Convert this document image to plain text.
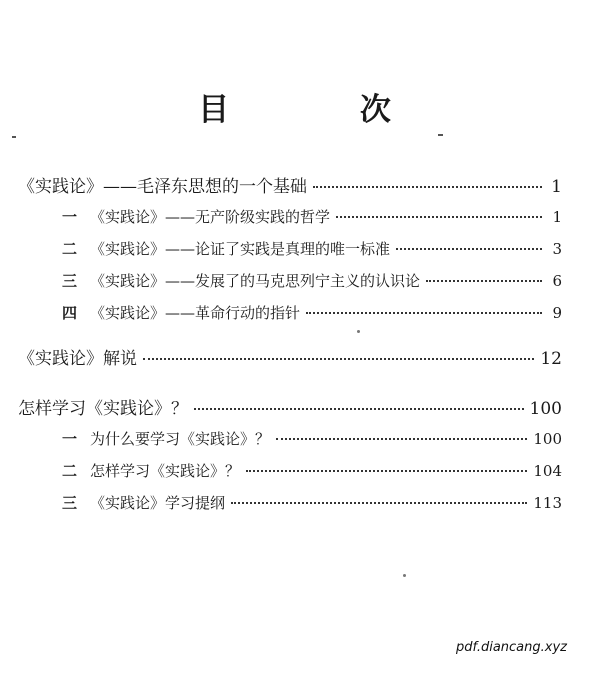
目 次
《实践论》——毛泽东思想的一个基础	1
一 《实践论》——无产阶级实践的哲学	1
二 《实践论》——论证了实践是真理的唯一标准	3
三 《实践论》——发展了的马克思列宁主义的认识论	6
四 《实践论》——革命行动的指针	9
《实践论》解说	12
怎样学习《实践论》？	100
一 为什么要学习《实践论》？	100
二 怎样学习《实践论》？	104
三 《实践论》学习提纲	113
pdf.diancang.xyz
